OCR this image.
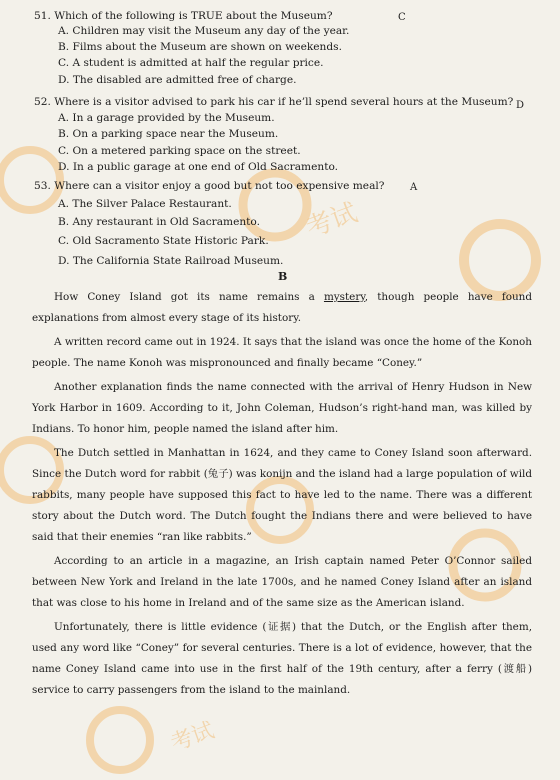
考试
考试
51. Which of the following is TRUE about the Museum?	C
A. Children may visit the Museum any day of the year.
B. Films about the Museum are shown on weekends.
C. A student is admitted at half the regular price.
D. The disabled are admitted free of charge.
52. Where is a visitor advised to park his car if he’ll spend several hours at the Museum? D
A. In a garage provided by the Museum.
B. On a parking space near the Museum.
C. On a metered parking space on the street.
D. In a public garage at one end of Old Sacramento.
53. Where can a visitor enjoy a good but not too expensive meal?	A
A. The Silver Palace Restaurant.
B. Any restaurant in Old Sacramento.
C. Old Sacramento State Historic Park.
D. The California State Railroad Museum.
B

How Coney Island got its name remains a mystery, though people have found explanations from almost every stage of its history.

A written record came out in 1924. It says that the island was once the home of the Konoh people. The name Konoh was mispronounced and finally became “Coney.”

Another explanation finds the name connected with the arrival of Henry Hudson in New York Harbor in 1609. According to it, John Coleman, Hudson’s right-hand man, was killed by Indians. To honor him, people named the island after him.

The Dutch settled in Manhattan in 1624, and they came to Coney Island soon afterward. Since the Dutch word for rabbit (兔子) was konijn and the island had a large population of wild rabbits, many people have supposed this fact to have led to the name. There was a different story about the Dutch word. The Dutch fought the Indians there and were believed to have said that their enemies “ran like rabbits.”

According to an article in a magazine, an Irish captain named Peter O’Connor sailed between New York and Ireland in the late 1700s, and he named Coney Island after an island that was close to his home in Ireland and of the same size as the American island.

Unfortunately, there is little evidence (证据) that the Dutch, or the English after them, used any word like “Coney” for several centuries. There is a lot of evidence, however, that the name Coney Island came into use in the first half of the 19th century, after a ferry (渡船) service to carry passengers from the island to the mainland.
